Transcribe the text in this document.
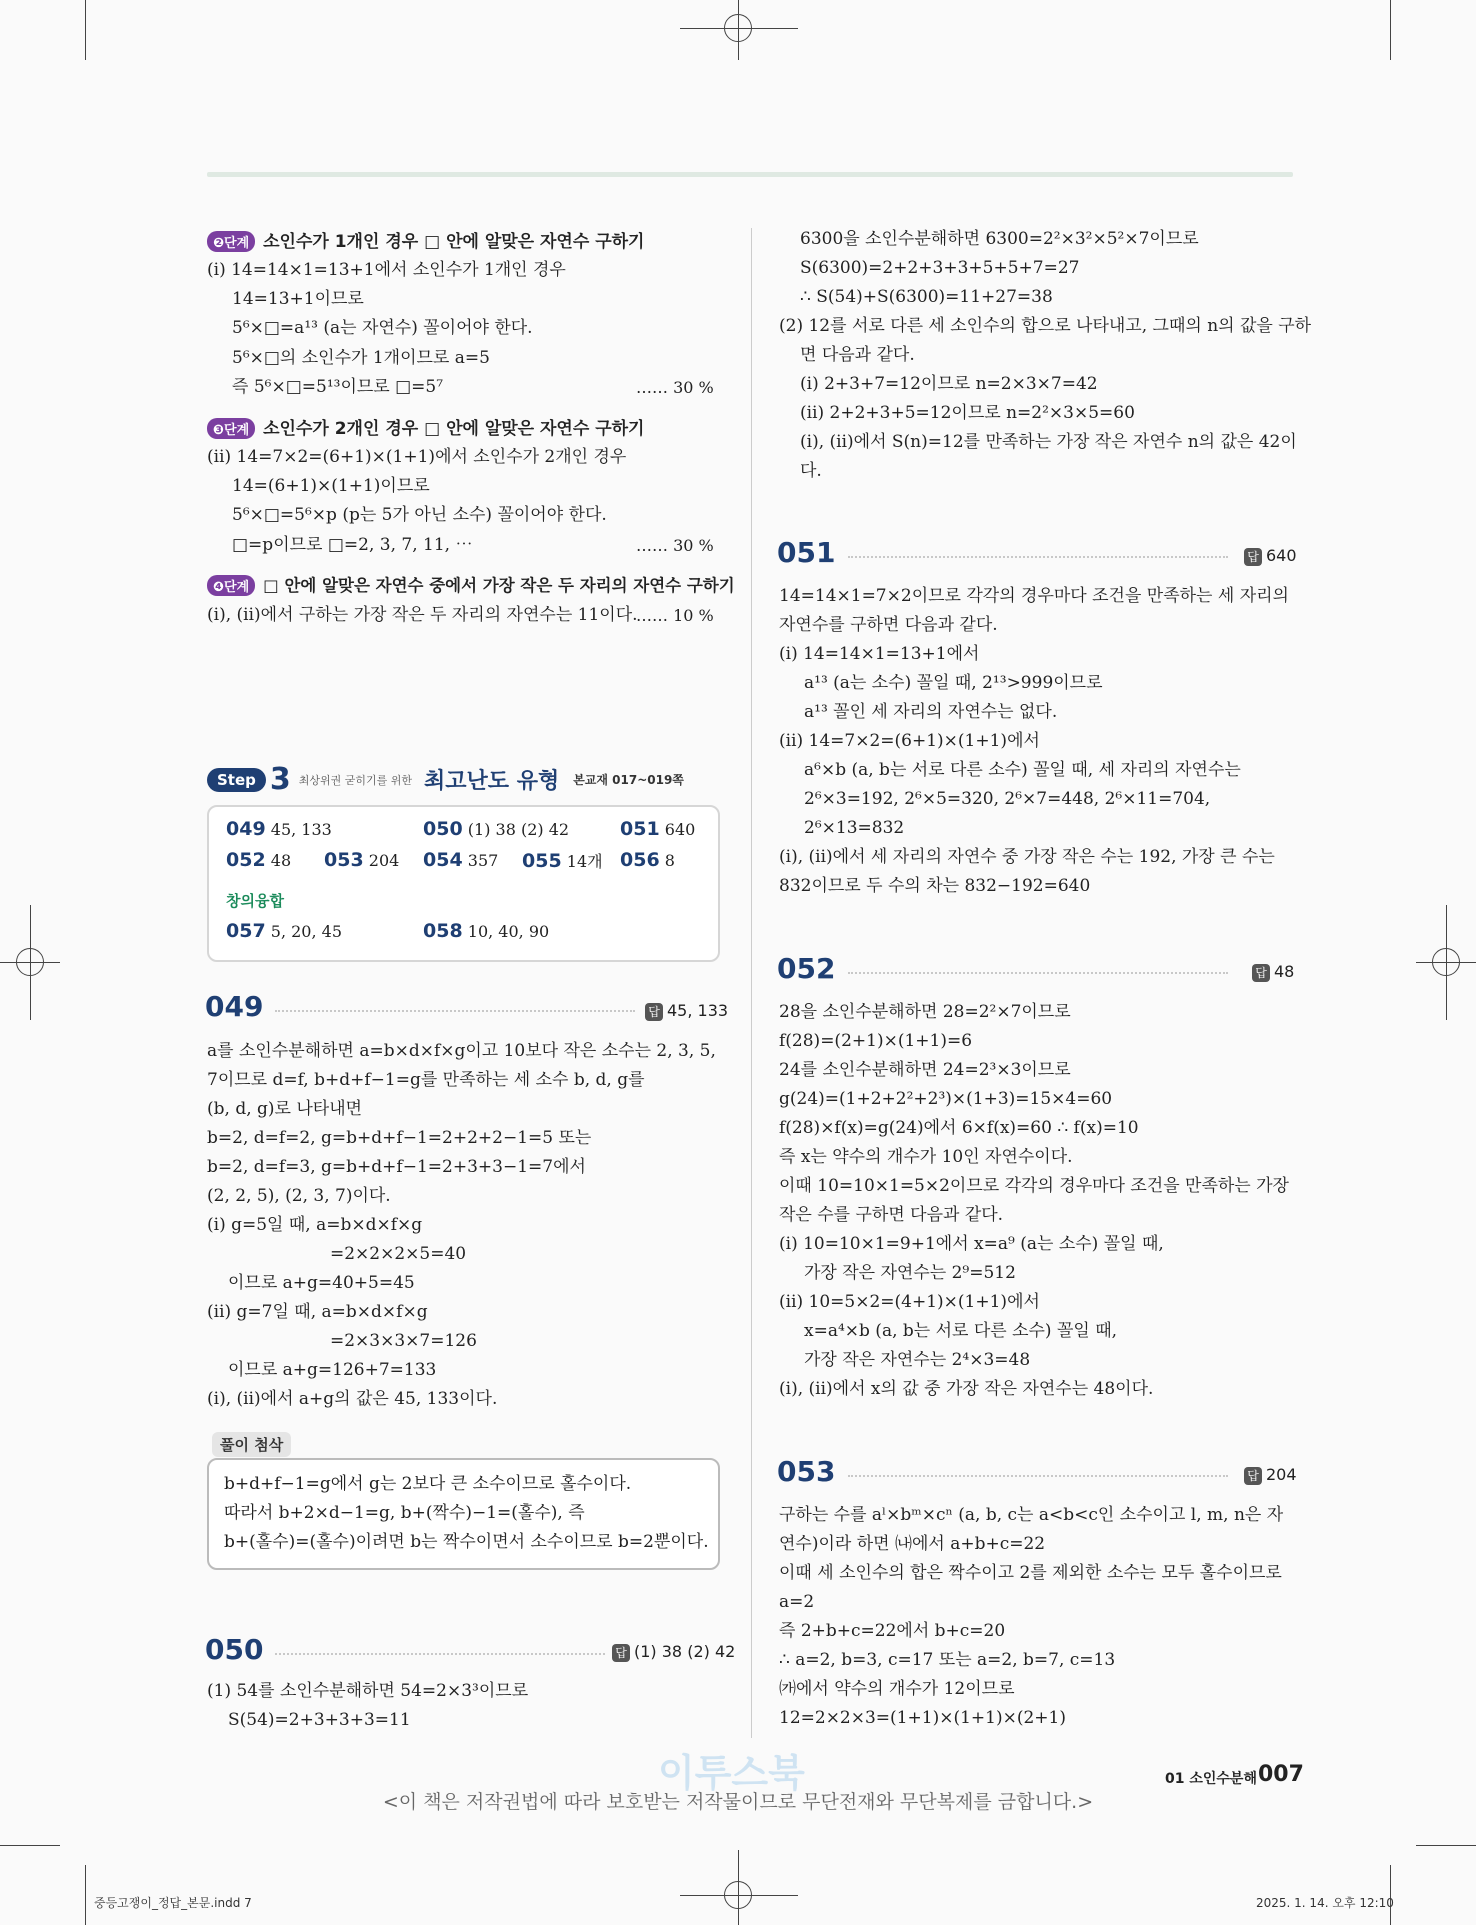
❷단계 소인수가 1개인 경우 □ 안에 알맞은 자연수 구하기
(ⅰ) 14=14×1=13+1에서 소인수가 1개인 경우
14=13+1이므로
5⁶×□=a¹³ (a는 자연수) 꼴이어야 한다.
5⁶×□의 소인수가 1개이므로 a=5
즉 5⁶×□=5¹³이므로 □=5⁷	…… 30 %
❸단계 소인수가 2개인 경우 □ 안에 알맞은 자연수 구하기
(ⅱ) 14=7×2=(6+1)×(1+1)에서 소인수가 2개인 경우
14=(6+1)×(1+1)이므로
5⁶×□=5⁶×p (p는 5가 아닌 소수) 꼴이어야 한다.
□=p이므로 □=2, 3, 7, 11, ⋯	…… 30 %
❹단계 □ 안에 알맞은 자연수 중에서 가장 작은 두 자리의 자연수 구하기
(ⅰ), (ⅱ)에서 구하는 가장 작은 두 자리의 자연수는 11이다.
…… 10 %
Step 3 최상위권 굳히기를 위한 최고난도 유형 본교재 017~019쪽
049 45, 133	050 (1) 38 (2) 42	051 640
052 48 053 204 054 357 055 14개 056 8
창의융합
057 5, 20, 45	058 10, 40, 90
049	답 45, 133
a를 소인수분해하면 a=b×d×f×g이고 10보다 작은 소수는 2, 3, 5,
7이므로 d=f, b+d+f−1=g를 만족하는 세 소수 b, d, g를
(b, d, g)로 나타내면
b=2, d=f=2, g=b+d+f−1=2+2+2−1=5 또는
b=2, d=f=3, g=b+d+f−1=2+3+3−1=7에서
(2, 2, 5), (2, 3, 7)이다.
(ⅰ) g=5일 때, a=b×d×f×g
=2×2×2×5=40
이므로 a+g=40+5=45
(ⅱ) g=7일 때, a=b×d×f×g
=2×3×3×7=126
이므로 a+g=126+7=133
(ⅰ), (ⅱ)에서 a+g의 값은 45, 133이다.
풀이 첨삭
b+d+f−1=g에서 g는 2보다 큰 소수이므로 홀수이다.
따라서 b+2×d−1=g, b+(짝수)−1=(홀수), 즉
b+(홀수)=(홀수)이려면 b는 짝수이면서 소수이므로 b=2뿐이다.
050	답 (1) 38 (2) 42
(1) 54를 소인수분해하면 54=2×3³이므로
S(54)=2+3+3+3=11
6300을 소인수분해하면 6300=2²×3²×5²×7이므로
S(6300)=2+2+3+3+5+5+7=27
∴ S(54)+S(6300)=11+27=38
(2) 12를 서로 다른 세 소인수의 합으로 나타내고, 그때의 n의 값을 구하
면 다음과 같다.
(ⅰ) 2+3+7=12이므로 n=2×3×7=42
(ⅱ) 2+2+3+5=12이므로 n=2²×3×5=60
(ⅰ), (ⅱ)에서 S(n)=12를 만족하는 가장 작은 자연수 n의 값은 42이
다.
051	답 640
14=14×1=7×2이므로 각각의 경우마다 조건을 만족하는 세 자리의
자연수를 구하면 다음과 같다.
(ⅰ) 14=14×1=13+1에서
a¹³ (a는 소수) 꼴일 때, 2¹³>999이므로
a¹³ 꼴인 세 자리의 자연수는 없다.
(ⅱ) 14=7×2=(6+1)×(1+1)에서
a⁶×b (a, b는 서로 다른 소수) 꼴일 때, 세 자리의 자연수는
2⁶×3=192, 2⁶×5=320, 2⁶×7=448, 2⁶×11=704,
2⁶×13=832
(ⅰ), (ⅱ)에서 세 자리의 자연수 중 가장 작은 수는 192, 가장 큰 수는
832이므로 두 수의 차는 832−192=640
052	답 48
28을 소인수분해하면 28=2²×7이므로
f(28)=(2+1)×(1+1)=6
24를 소인수분해하면 24=2³×3이므로
g(24)=(1+2+2²+2³)×(1+3)=15×4=60
f(28)×f(x)=g(24)에서 6×f(x)=60 ∴ f(x)=10
즉 x는 약수의 개수가 10인 자연수이다.
이때 10=10×1=5×2이므로 각각의 경우마다 조건을 만족하는 가장
작은 수를 구하면 다음과 같다.
(ⅰ) 10=10×1=9+1에서 x=a⁹ (a는 소수) 꼴일 때,
가장 작은 자연수는 2⁹=512
(ⅱ) 10=5×2=(4+1)×(1+1)에서
x=a⁴×b (a, b는 서로 다른 소수) 꼴일 때,
가장 작은 자연수는 2⁴×3=48
(ⅰ), (ⅱ)에서 x의 값 중 가장 작은 자연수는 48이다.
053	답 204
구하는 수를 aˡ×bᵐ×cⁿ (a, b, c는 a<b<c인 소수이고 l, m, n은 자
연수)이라 하면 ㈏에서 a+b+c=22
이때 세 소인수의 합은 짝수이고 2를 제외한 소수는 모두 홀수이므로
a=2
즉 2+b+c=22에서 b+c=20
∴ a=2, b=3, c=17 또는 a=2, b=7, c=13
㈎에서 약수의 개수가 12이므로
12=2×2×3=(1+1)×(1+1)×(2+1)
이투스북	01 소인수분해 007
<이 책은 저작권법에 따라 보호받는 저작물이므로 무단전재와 무단복제를 금합니다.>
중등고쟁이_정답_본문.indd 7	2025. 1. 14. 오후 12:10
